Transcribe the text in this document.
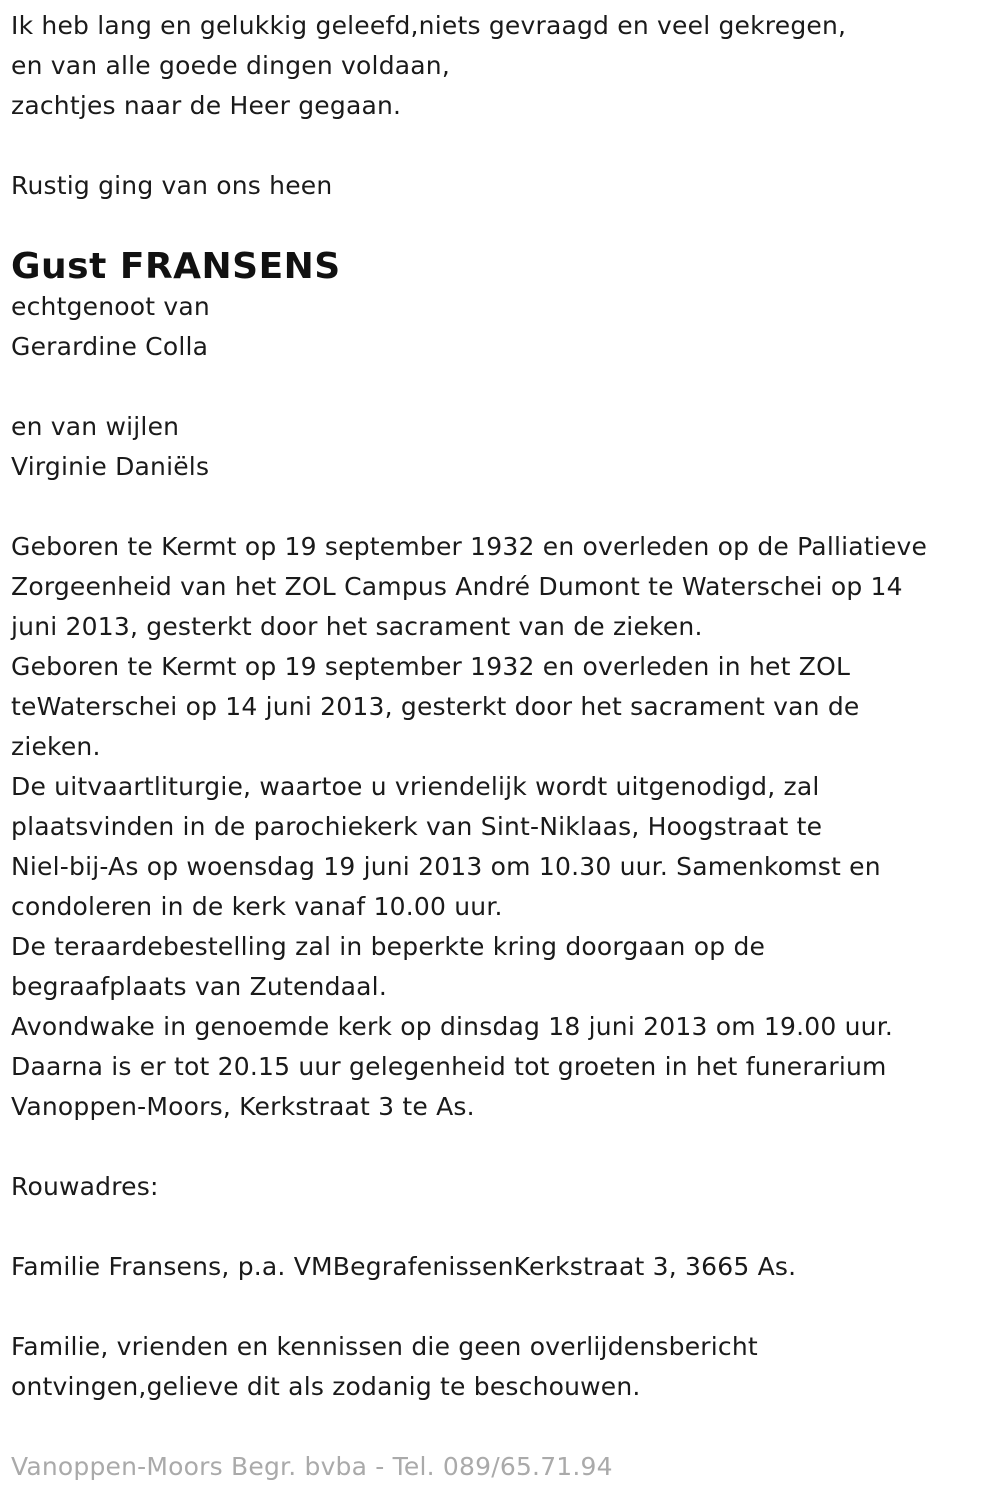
Ik heb lang en gelukkig geleefd,niets gevraagd en veel gekregen,
en van alle goede dingen voldaan,
zachtjes naar de Heer gegaan.
Rustig ging van ons heen
Gust FRANSENS
echtgenoot van
Gerardine Colla
en van wijlen
Virginie Daniëls
Geboren te Kermt op 19 september 1932 en overleden op de Palliatieve
Zorgeenheid van het ZOL Campus André Dumont te Waterschei op 14
juni 2013, gesterkt door het sacrament van de zieken.
Geboren te Kermt op 19 september 1932 en overleden in het ZOL
teWaterschei op 14 juni 2013, gesterkt door het sacrament van de
zieken.
De uitvaartliturgie, waartoe u vriendelijk wordt uitgenodigd, zal
plaatsvinden in de parochiekerk van Sint-Niklaas, Hoogstraat te
Niel-bij-As op woensdag 19 juni 2013 om 10.30 uur. Samenkomst en
condoleren in de kerk vanaf 10.00 uur.
De teraardebestelling zal in beperkte kring doorgaan op de
begraafplaats van Zutendaal.
Avondwake in genoemde kerk op dinsdag 18 juni 2013 om 19.00 uur.
Daarna is er tot 20.15 uur gelegenheid tot groeten in het funerarium
Vanoppen-Moors, Kerkstraat 3 te As.
Rouwadres:
Familie Fransens, p.a. VMBegrafenissenKerkstraat 3, 3665 As.
Familie, vrienden en kennissen die geen overlijdensbericht
ontvingen,gelieve dit als zodanig te beschouwen.
Vanoppen-Moors Begr. bvba - Tel. 089/65.71.94
